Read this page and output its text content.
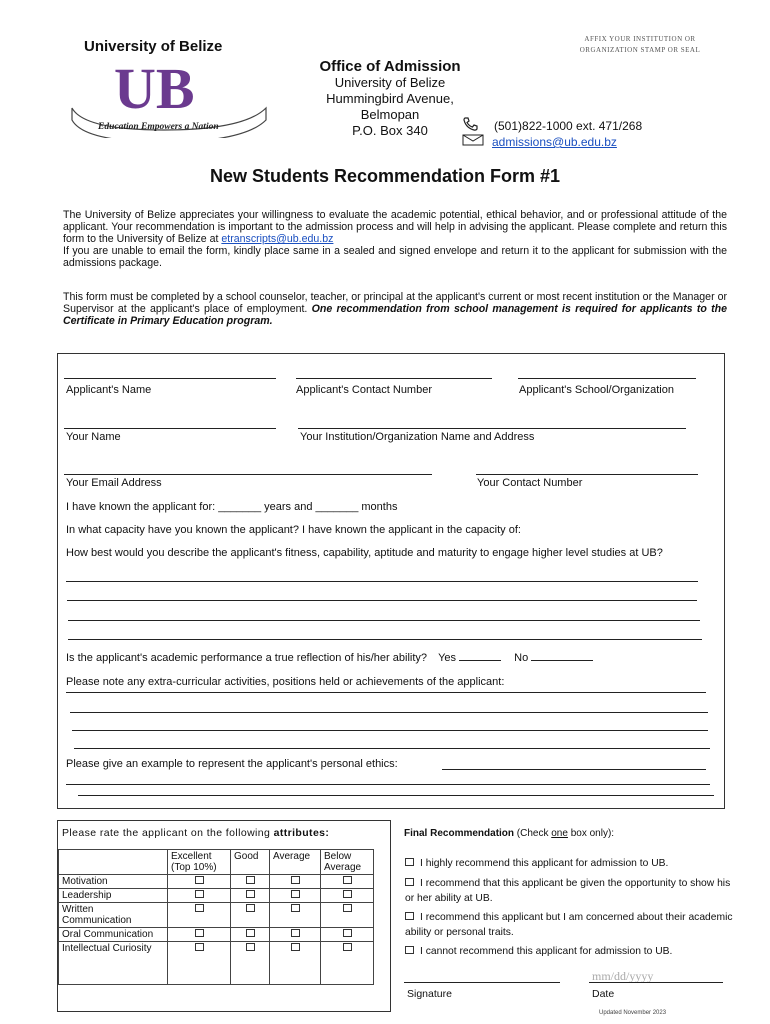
AFFIX YOUR INSTITUTION OR
ORGANIZATION STAMP OR SEAL
University of Belize
UB
Education Empowers a Nation
Office of Admission
University of Belize
Hummingbird Avenue, Belmopan
P.O. Box 340	(501)822-1000 ext. 471/268
admissions@ub.edu.bz
New Students Recommendation Form #1
The University of Belize appreciates your willingness to evaluate the academic potential, ethical behavior, and or professional attitude of the applicant. Your recommendation is important to the admission process and will help in advising the applicant. Please complete and return this form to the University of Belize at etranscripts@ub.edu.bz
If you are unable to email the form, kindly place same in a sealed and signed envelope and return it to the applicant for submission with the admissions package.
This form must be completed by a school counselor, teacher, or principal at the applicant's current or most recent institution or the Manager or Supervisor at the applicant's place of employment. One recommendation from school management is required for applicants to the Certificate in Primary Education program.
Applicant's Name	Applicant's Contact Number	Applicant's School/Organization
Your Name	Your Institution/Organization Name and Address
Your Email Address	Your Contact Number
I have known the applicant for: _______ years and _______ months
In what capacity have you known the applicant? I have known the applicant in the capacity of:
How best would you describe the applicant's fitness, capability, aptitude and maturity to engage higher level studies at UB?
Is the applicant's academic performance a true reflection of his/her ability? Yes	No
Please note any extra-curricular activities, positions held or achievements of the applicant:
Please give an example to represent the applicant's personal ethics:
Please rate the applicant on the following attributes:
	Excellent (Top 10%)	Good	Average	Below Average
Motivation				
Leadership				
Written Communication				
Oral Communication				
Intellectual Curiosity				
Final Recommendation (Check one box only):
I highly recommend this applicant for admission to UB.
I recommend that this applicant be given the opportunity to show his or her ability at UB.
I recommend this applicant but I am concerned about their academic ability or personal traits.
I cannot recommend this applicant for admission to UB.
Signature
mm/dd/yyyy
Date
Updated November 2023
